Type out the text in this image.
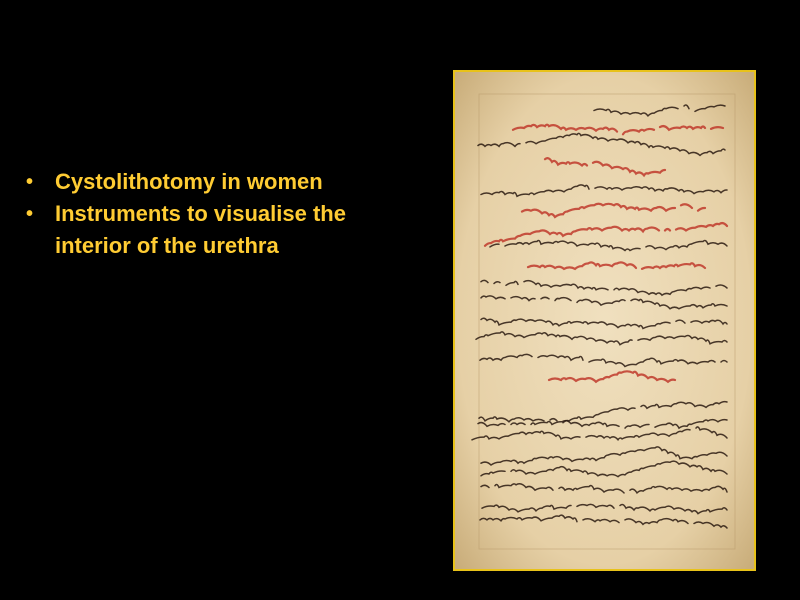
• Cystolithotomy in women
• Instruments to visualise the interior of the urethra
